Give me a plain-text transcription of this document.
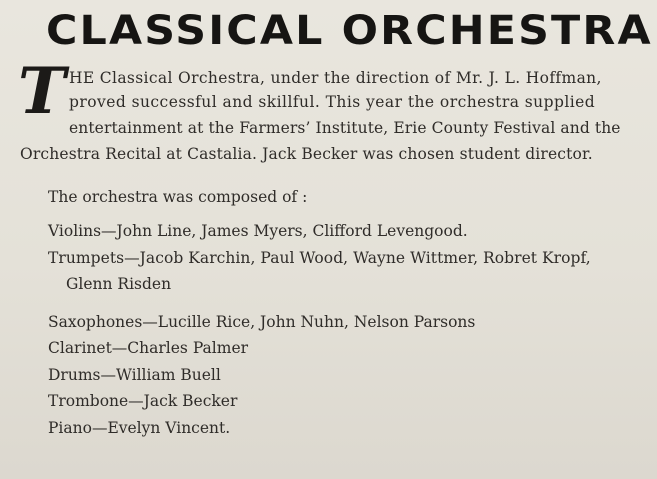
CLASSICAL ORCHESTRA
T HE Classical Orchestra, under the direction of Mr. J. L. Hoffman,
proved successful and skillful. This year the orchestra supplied
entertainment at the Farmers’ Institute, Erie County Festival and the
Orchestra Recital at Castalia. Jack Becker was chosen student director.
The orchestra was composed of :
Violins—John Line, James Myers, Clifford Levengood.
Trumpets—Jacob Karchin, Paul Wood, Wayne Wittmer, Robret Kropf,
Glenn Risden
Saxophones—Lucille Rice, John Nuhn, Nelson Parsons
Clarinet—Charles Palmer
Drums—William Buell
Trombone—Jack Becker
Piano—Evelyn Vincent.
